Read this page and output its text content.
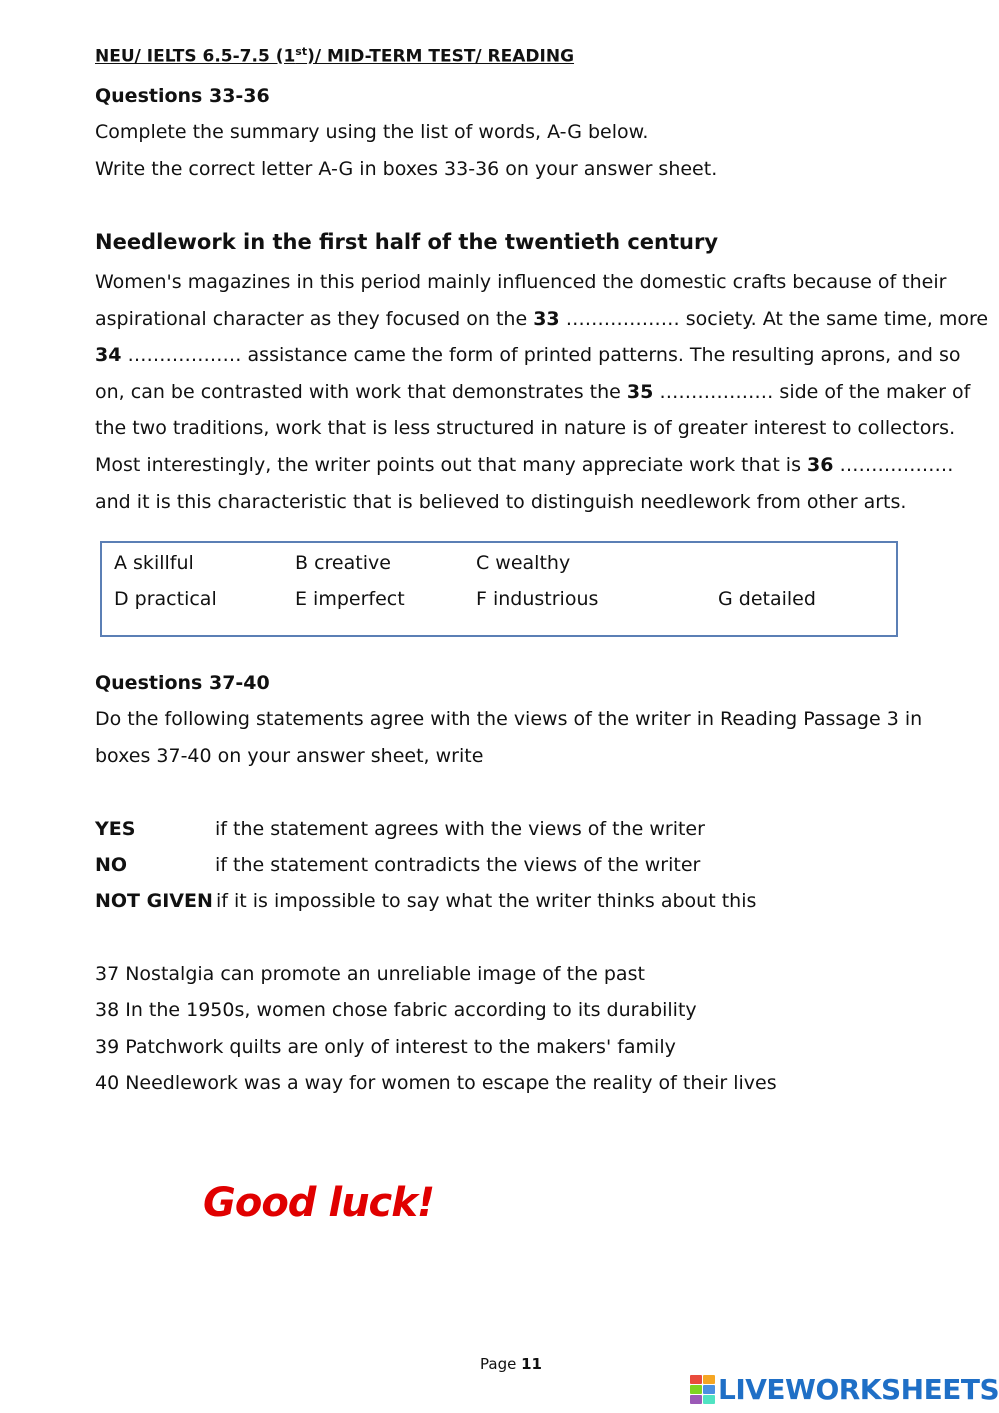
NEU/ IELTS 6.5-7.5 (1st)/ MID-TERM TEST/ READING
Questions 33-36
Complete the summary using the list of words, A-G below.
Write the correct letter A-G in boxes 33-36 on your answer sheet.
Needlework in the first half of the twentieth century
Women's magazines in this period mainly influenced the domestic crafts because of their
aspirational character as they focused on the 33 ……………… society. At the same time, more
34 ……………… assistance came the form of printed patterns. The resulting aprons, and so
on, can be contrasted with work that demonstrates the 35 ……………… side of the maker of
the two traditions, work that is less structured in nature is of greater interest to collectors.
Most interestingly, the writer points out that many appreciate work that is 36 ………………
and it is this characteristic that is believed to distinguish needlework from other arts.
A skillful	B creative	C wealthy
D practical	E imperfect	F industrious	G detailed
Questions 37-40
Do the following statements agree with the views of the writer in Reading Passage 3 in
boxes 37-40 on your answer sheet, write
YES	if the statement agrees with the views of the writer
NO	if the statement contradicts the views of the writer
NOT GIVEN if it is impossible to say what the writer thinks about this
37 Nostalgia can promote an unreliable image of the past
38 In the 1950s, women chose fabric according to its durability
39 Patchwork quilts are only of interest to the makers' family
40 Needlework was a way for women to escape the reality of their lives
Good luck!
Page 11
LIVEWORKSHEETS
